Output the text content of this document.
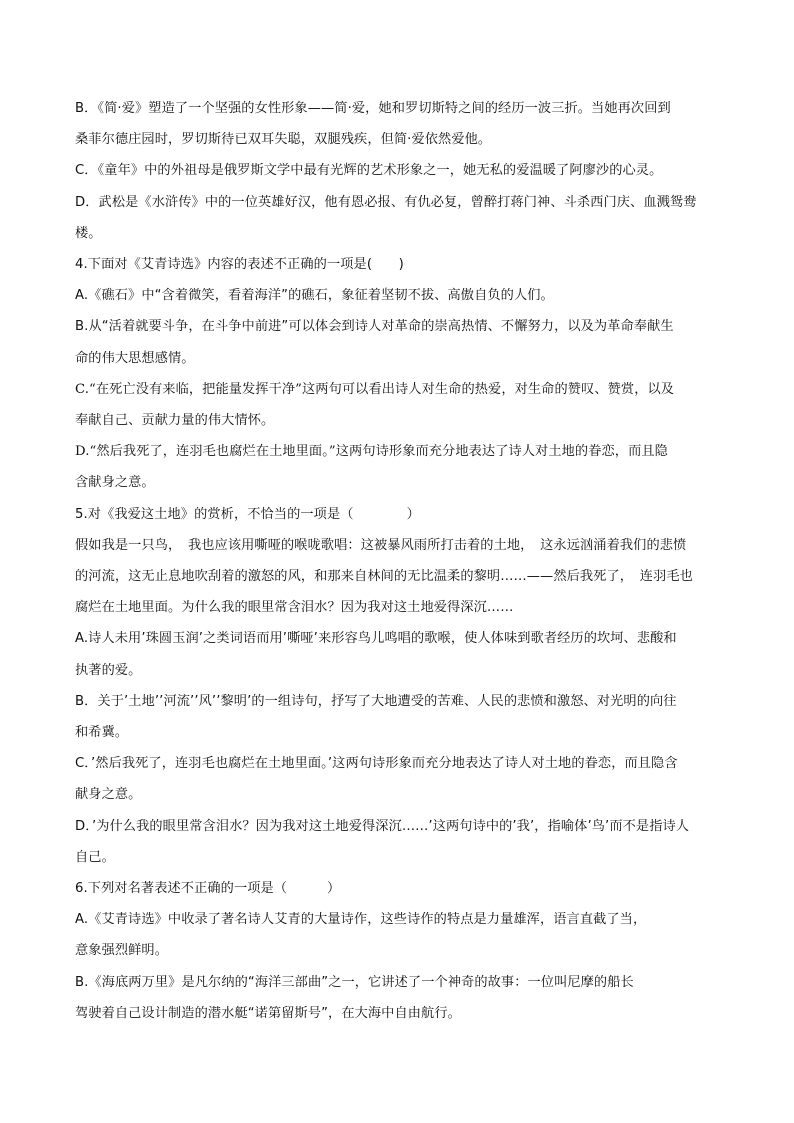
B．《简·爱》塑造了一个坚强的女性形象——简·爱，她和罗切斯特之间的经历一波三折。当她再次回到
桑菲尔德庄园时，罗切斯待已双耳失聪，双腿残疾，但简·爱依然爱他。
C．《童年》中的外祖母是俄罗斯文学中最有光辉的艺术形象之一，她无私的爱温暖了阿廖沙的心灵。
D．武松是《水浒传》中的一位英雄好汉，他有恩必报、有仇必复，曾醉打蒋门神、斗杀西门庆、血溅鸳鸯
楼。
4.下面对《艾青诗选》内容的表述不正确的一项是(　　)
A.《礁石》中“含着微笑，看着海洋”的礁石，象征着坚韧不拔、高傲自负的人们。
B.从“活着就要斗争，在斗争中前进”可以体会到诗人对革命的崇高热情、不懈努力，以及为革命奉献生
命的伟大思想感情。
C.“在死亡没有来临，把能量发挥干净”这两句可以看出诗人对生命的热爱，对生命的赞叹、赞赏，以及
奉献自己、贡献力量的伟大情怀。
D.“然后我死了，连羽毛也腐烂在土地里面。”这两句诗形象而充分地表达了诗人对土地的眷恋，而且隐
含献身之意。
5.对《我爱这土地》的赏析，不恰当的一项是（　　　　）
假如我是一只鸟，　我也应该用嘶哑的喉咙歌唱：这被暴风雨所打击着的土地，　这永远汹涌着我们的悲愤
的河流，这无止息地吹刮着的激怒的风，和那来自林间的无比温柔的黎明……——然后我死了，　连羽毛也
腐烂在土地里面。为什么我的眼里常含泪水？因为我对这土地爱得深沉……
A.诗人未用’珠圆玉润’之类词语而用’嘶哑’来形容鸟儿鸣唱的歌喉，使人体味到歌者经历的坎坷、悲酸和
执著的爱。
B．关于’土地’’河流’’风’’黎明’的一组诗句，抒写了大地遭受的苦难、人民的悲愤和激怒、对光明的向往
和希冀。
C．’然后我死了，连羽毛也腐烂在土地里面。’这两句诗形象而充分地表达了诗人对土地的眷恋，而且隐含
献身之意。
D．’为什么我的眼里常含泪水？因为我对这土地爱得深沉……’这两句诗中的’我’，指喻体’鸟’而不是指诗人
自己。
6.下列对名著表述不正确的一项是（　　　）
A.《艾青诗选》中收录了著名诗人艾青的大量诗作，这些诗作的特点是力量雄浑，语言直截了当，
意象强烈鲜明。
B.《海底两万里》是凡尔纳的“海洋三部曲”之一，它讲述了一个神奇的故事：一位叫尼摩的船长
驾驶着自己设计制造的潜水艇“诺第留斯号”，在大海中自由航行。
